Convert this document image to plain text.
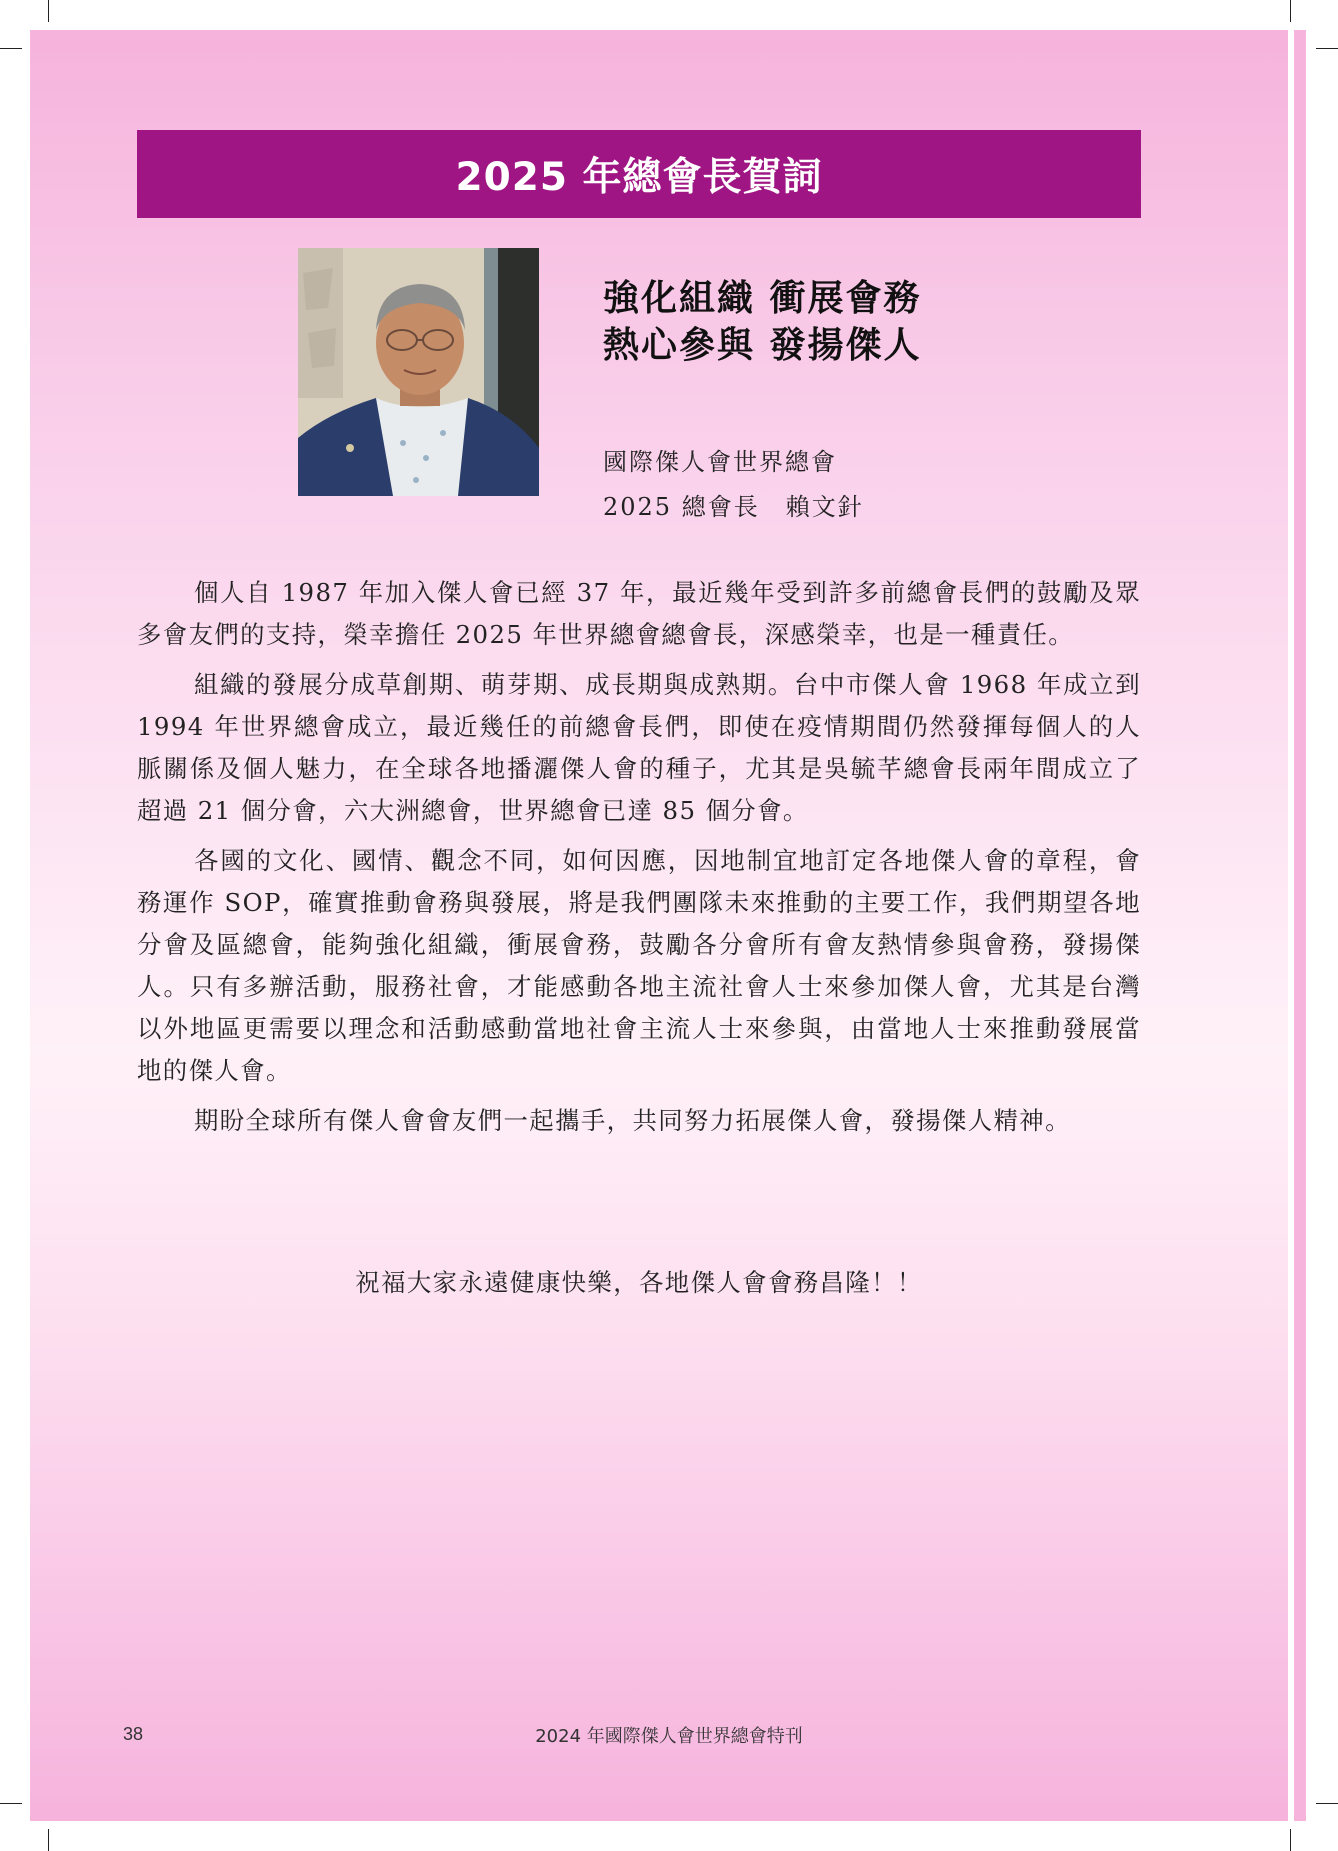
2025 年總會長賀詞
強化組織 衝展會務
熱心參與 發揚傑人
國際傑人會世界總會
2025 總會長　賴文針

個人自 1987 年加入傑人會已經 37 年，最近幾年受到許多前總會長們的鼓勵及眾多會友們的支持，榮幸擔任 2025 年世界總會總會長，深感榮幸，也是一種責任。

組織的發展分成草創期、萌芽期、成長期與成熟期。台中市傑人會 1968 年成立到 1994 年世界總會成立，最近幾任的前總會長們，即使在疫情期間仍然發揮每個人的人脈關係及個人魅力，在全球各地播灑傑人會的種子，尤其是吳毓芊總會長兩年間成立了超過 21 個分會，六大洲總會，世界總會已達 85 個分會。

各國的文化、國情、觀念不同，如何因應，因地制宜地訂定各地傑人會的章程，會務運作 SOP，確實推動會務與發展，將是我們團隊未來推動的主要工作，我們期望各地分會及區總會，能夠強化組織，衝展會務，鼓勵各分會所有會友熱情參與會務，發揚傑人。只有多辦活動，服務社會，才能感動各地主流社會人士來參加傑人會，尤其是台灣以外地區更需要以理念和活動感動當地社會主流人士來參與，由當地人士來推動發展當地的傑人會。

期盼全球所有傑人會會友們一起攜手，共同努力拓展傑人會，發揚傑人精神。

祝福大家永遠健康快樂，各地傑人會會務昌隆！！
38	2024 年國際傑人會世界總會特刊
